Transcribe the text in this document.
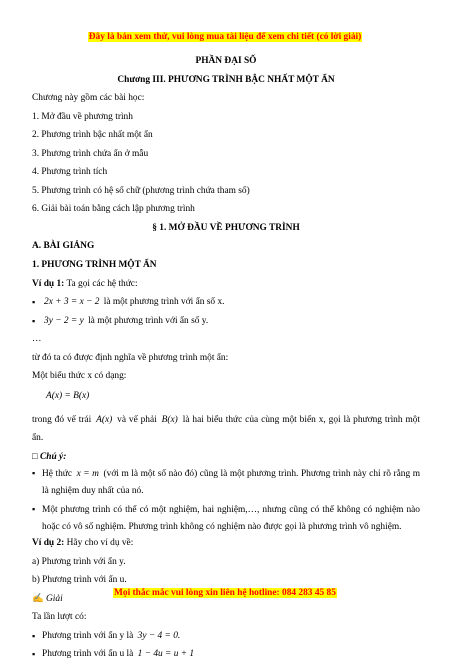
Đây là bản xem thử, vui lòng mua tài liệu để xem chi tiết (có lời giải)

PHẦN ĐẠI SỐ

Chương III. PHƯƠNG TRÌNH BẬC NHẤT MỘT ẨN

Chương này gồm các bài học:

1. Mở đầu về phương trình

2. Phương trình bậc nhất một ẩn

3. Phương trình chứa ẩn ở mẫu

4. Phương trình tích

5. Phương trình có hệ số chữ (phương trình chứa tham số)

6. Giải bài toán bằng cách lập phương trình

§ 1. MỞ ĐẦU VỀ PHƯƠNG TRÌNH

A. BÀI GIẢNG

1. PHƯƠNG TRÌNH MỘT ẨN

Ví dụ 1: Ta gọi các hệ thức:

▪ 2x + 3 = x − 2 là một phương trình với ẩn số x.

▪ 3y − 2 = y là một phương trình với ẩn số y.

…

từ đó ta có được định nghĩa về phương trình một ẩn:

Một biểu thức x có dạng:

A(x) = B(x)

trong đó vế trái A(x) và vế phải B(x) là hai biểu thức của cùng một biến x, gọi là phương trình một ẩn.

□ Chú ý:

▪ Hệ thức x = m (với m là một số nào đó) cũng là một phương trình. Phương trình này chỉ rõ rằng m là nghiệm duy nhất của nó.

▪ Một phương trình có thể có một nghiệm, hai nghiệm,…, nhưng cũng có thể không có nghiệm nào hoặc có vô số nghiệm. Phương trình không có nghiệm nào được gọi là phương trình vô nghiệm.

Ví dụ 2: Hãy cho ví dụ về:

a) Phương trình với ẩn y.

b) Phương trình với ẩn u.

✍ Giải

Ta lần lượt có:

▪ Phương trình với ẩn y là 3y − 4 = 0.

▪ Phương trình với ẩn u là 1 − 4u = u + 1

Mọi thắc mắc vui lòng xin liên hệ hotline: 084 283 45 85
